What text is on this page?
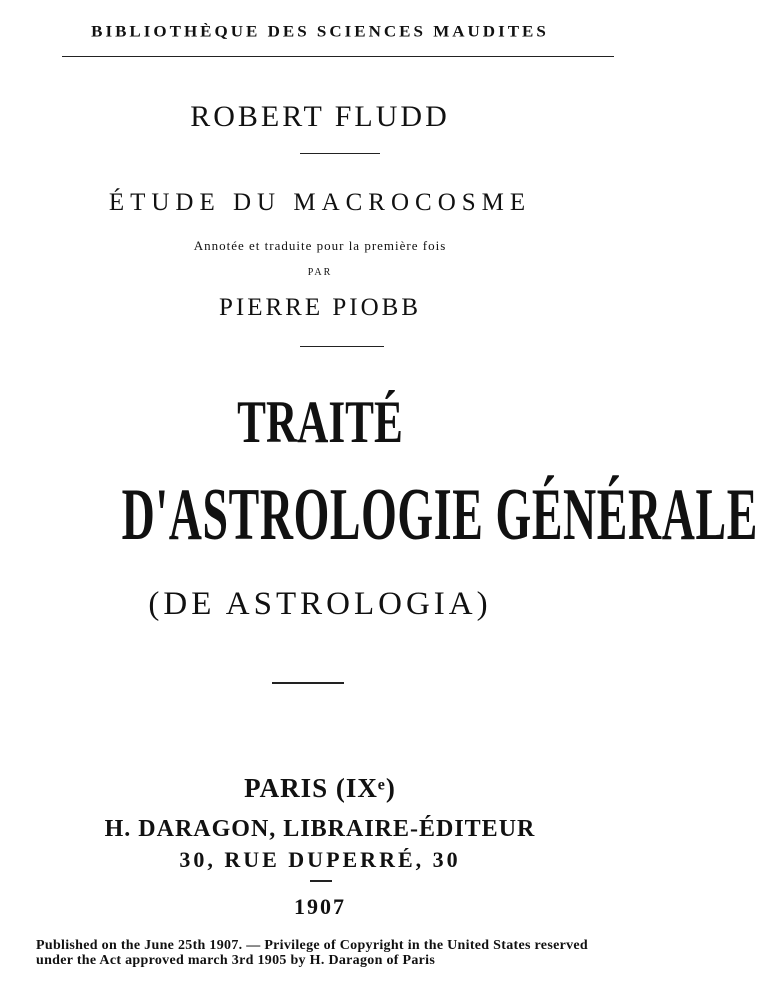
BIBLIOTHÈQUE DES SCIENCES MAUDITES
ROBERT FLUDD
ÉTUDE DU MACROCOSME
Annotée et traduite pour la première fois
PAR
PIERRE PIOBB
TRAITÉ
D'ASTROLOGIE GÉNÉRALE
(DE ASTROLOGIA)
PARIS (IXᵉ)
H. DARAGON, LIBRAIRE-ÉDITEUR
30, RUE DUPERRÉ, 30
1907
Published on the June 25th 1907. — Privilege of Copyright in the United States reserved under the Act approved march 3rd 1905 by H. Daragon of Paris
